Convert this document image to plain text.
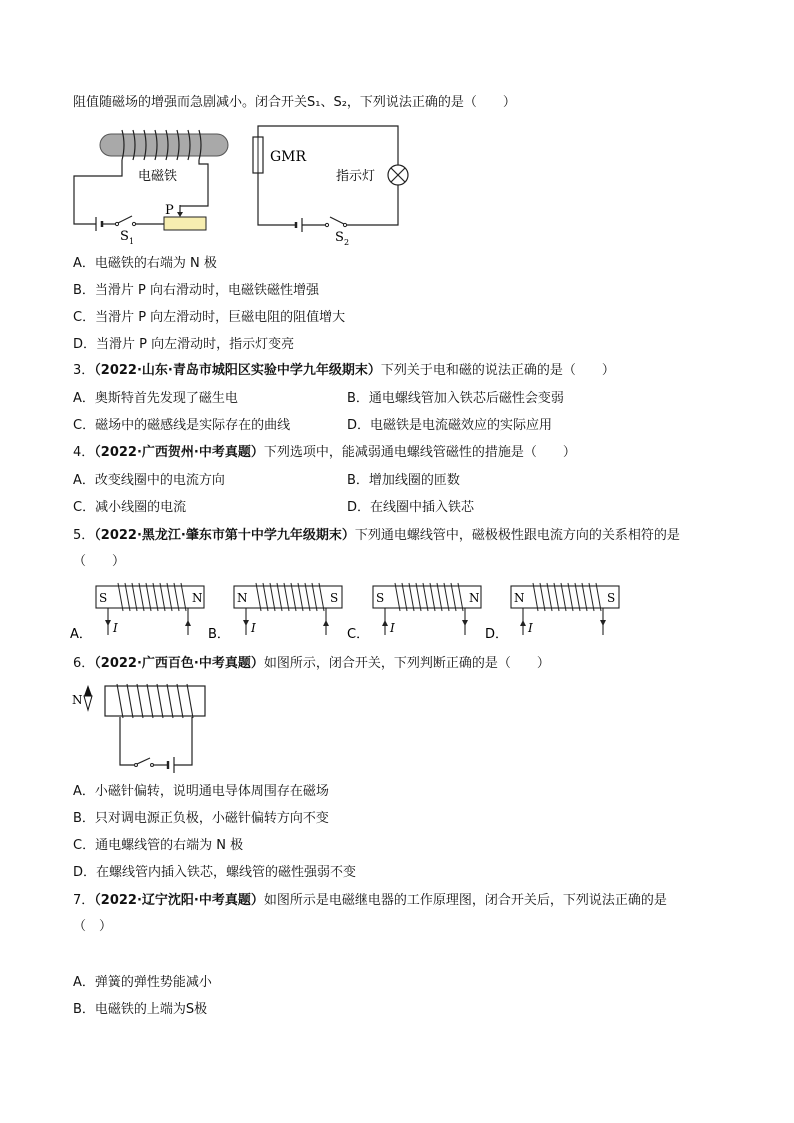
阻值随磁场的增强而急剧减小。闭合开关S₁、S₂，下列说法正确的是（　　）
S 1
P
电磁铁
GMR
指示灯
S 2
A．电磁铁的右端为 N 极
B．当滑片 P 向右滑动时，电磁铁磁性增强
C．当滑片 P 向左滑动时，巨磁电阻的阻值增大
D．当滑片 P 向左滑动时，指示灯变亮
3．（2022·山东·青岛市城阳区实验中学九年级期末）下列关于电和磁的说法正确的是（　　）
A．奥斯特首先发现了磁生电	B．通电螺线管加入铁芯后磁性会变弱
C．磁场中的磁感线是实际存在的曲线	D．电磁铁是电流磁效应的实际应用
4．（2022·广西贺州·中考真题）下列选项中，能减弱通电螺线管磁性的措施是（　　）
A．改变线圈中的电流方向	B．增加线圈的匝数
C．减小线圈的电流	D．在线圈中插入铁芯
5．（2022·黑龙江·肇东市第十中学九年级期末）下列通电螺线管中，磁极极性跟电流方向的关系相符的是
（　　）
A．
S	N
I	B．
N	S
I	C．
S	N
I	D．
N	S
I
6．（2022·广西百色·中考真题）如图所示，闭合开关，下列判断正确的是（　　）
N
A．小磁针偏转，说明通电导体周围存在磁场
B．只对调电源正负极，小磁针偏转方向不变
C．通电螺线管的右端为 N 极
D．在螺线管内插入铁芯，螺线管的磁性强弱不变
7．（2022·辽宁沈阳·中考真题）如图所示是电磁继电器的工作原理图，闭合开关后，下列说法正确的是
（　）
A．弹簧的弹性势能减小
B．电磁铁的上端为S极
